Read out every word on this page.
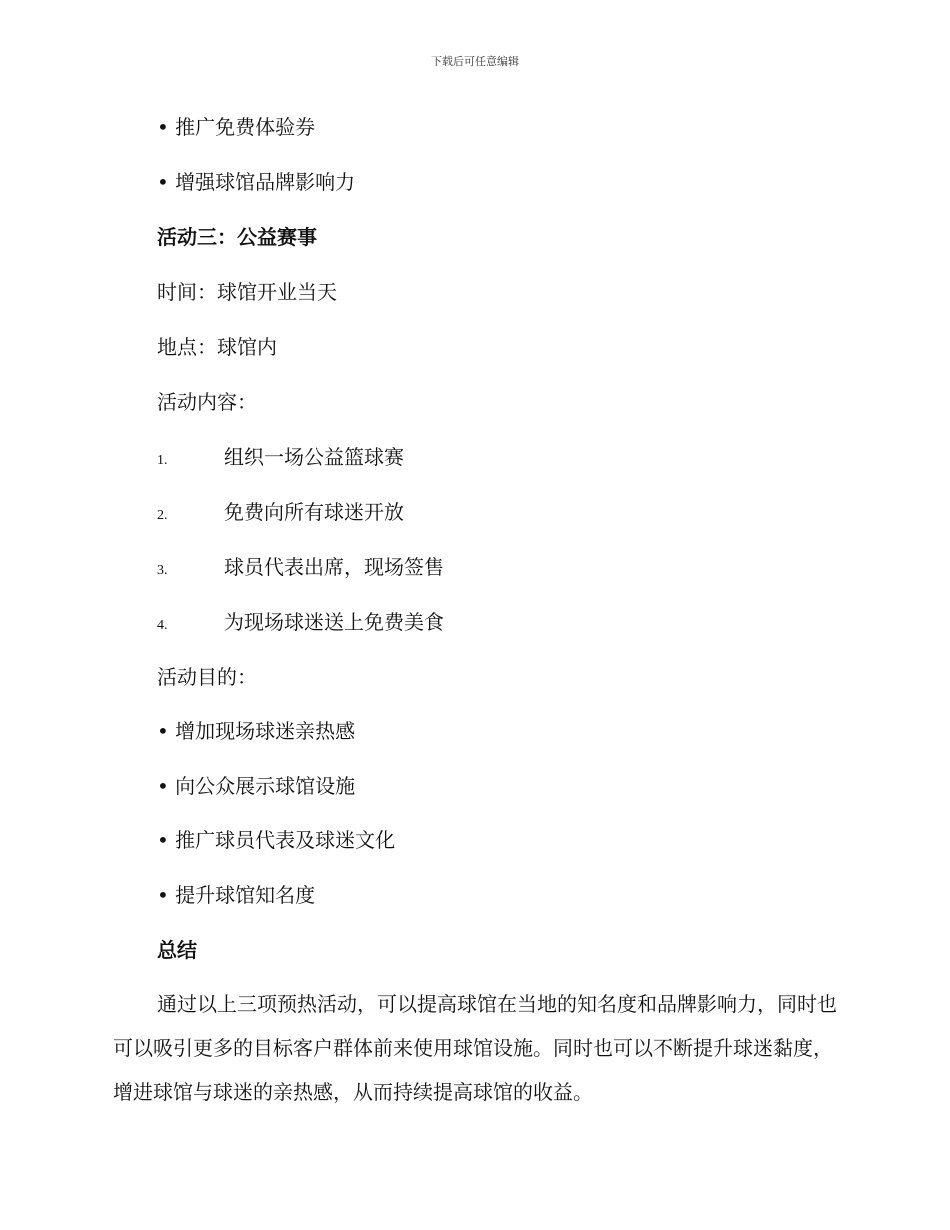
下载后可任意编辑
• 推广免费体验券
• 增强球馆品牌影响力
活动三：公益赛事
时间：球馆开业当天
地点：球馆内
活动内容：
1.	组织一场公益篮球赛
2.	免费向所有球迷开放
3.	球员代表出席，现场签售
4.	为现场球迷送上免费美食
活动目的：
• 增加现场球迷亲热感
• 向公众展示球馆设施
• 推广球员代表及球迷文化
• 提升球馆知名度
总结
通过以上三项预热活动，可以提高球馆在当地的知名度和品牌影响力，同时也可以吸引更多的目标客户群体前来使用球馆设施。同时也可以不断提升球迷黏度，增进球馆与球迷的亲热感，从而持续提高球馆的收益。
